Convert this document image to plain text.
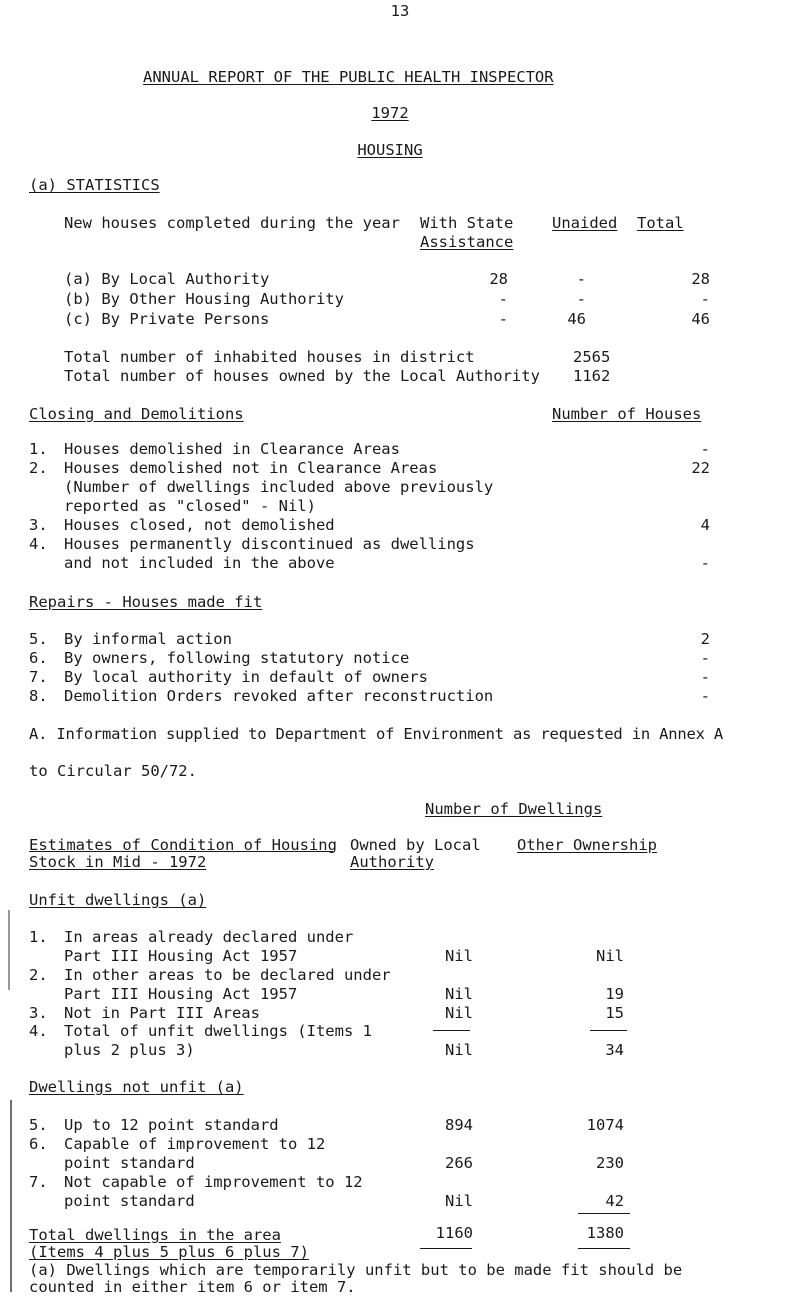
13
ANNUAL REPORT OF THE PUBLIC HEALTH INSPECTOR
1972
HOUSING
(a) STATISTICS
New houses completed during the year With State
Assistance
Unaided Total
(a) By Local Authority	28	-	28
(b) By Other Housing Authority	-	-	-
(c) By Private Persons	-	46	46
Total number of inhabited houses in district	2565
Total number of houses owned by the Local Authority 1162
Closing and Demolitions	Number of Houses
1. Houses demolished in Clearance Areas	-
2. Houses demolished not in Clearance Areas	22
(Number of dwellings included above previously
reported as "closed" - Nil)
3. Houses closed, not demolished	4
4. Houses permanently discontinued as dwellings
and not included in the above	-
Repairs - Houses made fit
5. By informal action	2
6. By owners, following statutory notice	-
7. By local authority in default of owners	-
8. Demolition Orders revoked after reconstruction	-
A. Information supplied to Department of Environment as requested in Annex A
to Circular 50/72.
Number of Dwellings
Estimates of Condition of Housing
Stock in Mid - 1972
Owned by Local
Authority
Other Ownership
Unfit dwellings (a)
1. In areas already declared under
Part III Housing Act 1957	Nil	Nil
2. In other areas to be declared under
Part III Housing Act 1957	Nil	19
3. Not in Part III Areas	Nil	15
4. Total of unfit dwellings (Items 1
plus 2 plus 3)	Nil	34
Dwellings not unfit (a)
5. Up to 12 point standard	894	1074
6. Capable of improvement to 12
point standard	266	230
7. Not capable of improvement to 12
point standard	Nil	42
Total dwellings in the area
(Items 4 plus 5 plus 6 plus 7)
1160	1380
(a) Dwellings which are temporarily unfit but to be made fit should be
counted in either item 6 or item 7.
